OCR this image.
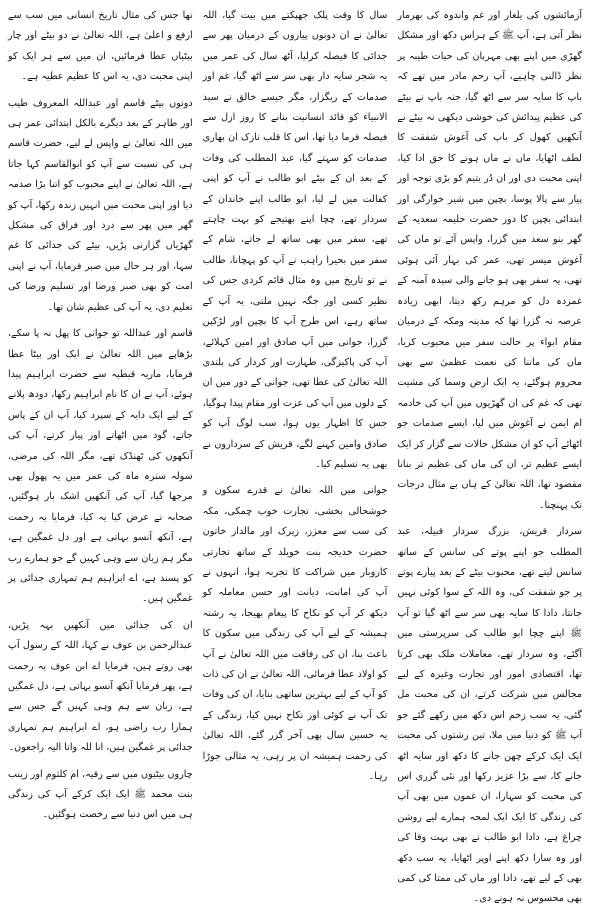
آزمائشوں کی یلغار اور غم واندوہ کی بھرمار نظر آتی ہے، آپ ﷺ کے ہراس دکھ اور مشکل گھڑی میں اپنے بھی مہربان کی حیات طیبہ پر نظر ڈالنی چاہیے، آپ رحم مادر میں تھے کہ باپ کا سایہ سر سے اٹھ گیا، جنہ باپ نے بیٹے کی عظیم پیدائش کی خوشی دیکھی نہ بیٹے نے آنکھیں کھول کر باپ کی آغوش شفقت کا لطف اٹھایا، ماں نے ماں ہونے کا حق ادا کیا، اپنی محبت دی اور ان دُر یتیم کو بڑی توجہ اور پیار سے پالا پوسا، بچپن میں شیر خوارگی اور ابتدائی بچپن کا دور حضرت حلیمہ سعدیہ کے گھر بنو سعد میں گزرا، واپس آئے تو ماں کی آغوش میسر تھی، عمر کی بہار آئی ہوئی تھی، یہ سفر بھی ہو جانے والی سیدہ آمنہ کے غمزدہ دل کو مرہم رکھ دیتا، ابھی زیادہ عرصہ نہ گزرا تھا کہ مدینہ ومکہ کے درمیان مقام ابواء پر حالت سفر میں محبوب کریا، ماں کی ماننا کی نعمت عظمیٰ سے بھی محروم ہوگئے، یہ ایک ارض وسما کی مشیت تھی کہ غم کی ان گھڑیوں میں آپ کی خادمہ ام ایمن نے آغوش میں لیا، ایسے صدمات جو اٹھائے آپ کو ان مشکل حالات سے گزار کر ایک ایسے عظیم تر، ان کی ماں کی عظیم تر بنانا مقصود تھا، اللہ تعالیٰ کے ہاں بے مثال درجات تک پہنچنا۔

سردار قریش، بزرگ سردار قبیلہ، عبد المطلب جو اپنے پوتے کی سانس کے ساتھ سانس لیتے تھے، محبوب بیٹے کے بعد پیارے پوتے پر جو شفقت کی، وہ اللہ کے سوا کوئی نہیں جانتا، دادا کا سایہ بھی سر سے اٹھ گیا تو آپ ﷺ اپنے چچا ابو طالب کی سرپرستی میں آگئے، وہ سردار تھے، معاملات ملک بھی کرتا تھا، اقتصادی امور اور تجارت وغیرہ کے لیے مجالس میں شرکت کرتے، ان کی محبت مل گئی، یہ سب زخم اس دکھ میں رکھے گئے جو آپ ﷺ کو دنیا میں ملا، تین رشتوں کی محبت ایک ایک کرکے چھن جانے کا دکھ اور سایہ اٹھ جانے کا، سے بڑا عزیز رکھا اور نئی گزری اس کی محبت کو سہارا، ان غموں میں بھی آپ کی زندگی کا ایک ایک لمحہ ہمارے لیے روشن چراغ ہے، دادا ابو طالب نے بھی بہت وفا کی اور وہ سارا دکھ اپنے اوپر اٹھایا، یہ سب دکھ بھی کے لیے تھے، دادا اور ماں کی ممتا کی کمی بھی محسوس نہ ہونے دی۔

سال کا وقت پلک جھپکتے میں بیت گیا، اللہ تعالیٰ نے ان دونوں پیاروں کے درمیان پھر سے جدائی کا فیصلہ کرلیا، آٹھ سال کی عمر میں یہ شجر سایہ دار بھی سر سے اٹھ گیا، غم اور صدمات کے ریگزار، مگر جیسے خالق نے سید الانبیاء کو قائد انسانیت بنانے کا روز ازل سے فیصلہ فرما دیا تھا، اس کا قلب نازک ان بھاری صدمات کو سہتے گیا، عبد المطلب کی وفات کے بعد ان کے بیٹے ابو طالب نے آپ کو اپنی کفالت میں لے لیا، ابو طالب اپنے خاندان کے سردار تھے، چچا اپنے بھتیجے کو بہت چاہتے تھے، سفر میں بھی ساتھ لے جاتے، شام کے سفر میں بحیرا راہب نے آپ کو پہچانا، طالب نے تو تاریخ میں وہ مثال قائم کردی جس کی نظیر کسی اور جگہ نہیں ملتی، یہ آپ کے ساتھ رہے، اس طرح آپ کا بچپن اور لڑکپن گزرا، جوانی میں آپ صادق اور امین کہلائے، آپ کی پاکیزگی، طہارت اور کردار کی بلندی اللہ تعالیٰ کی عطا تھی، جوانی کے دور میں ان کے دلوں میں آپ کی عزت اور مقام پیدا ہوگیا، جس کا اظہار یوں ہوا، سب لوگ آپ کو صادق وامین کہنے لگے، قریش کے سرداروں نے بھی یہ تسلیم کیا۔

جوانی میں اللہ تعالیٰ نے قدرے سکون و خوشحالی بخشی، تجارت خوب چمکی، مکہ کی سب سے معزز، زیرک اور مالدار خاتون حضرت خدیجہ بنت خویلد کے ساتھ تجارتی کاروبار میں شراکت کا تجربہ ہوا، انہوں نے آپ کی امانت، دیانت اور حسن معاملہ کو دیکھ کر آپ کو نکاح کا پیغام بھیجا، یہ رشتہ ہمیشہ کے لیے آپ کی زندگی میں سکون کا باعث بنا، ان کی رفاقت میں اللہ تعالیٰ نے آپ کو اولاد عطا فرمائی، اللہ تعالیٰ نے ان کی ذات کو آپ کے لیے بہترین ساتھی بنایا، ان کی وفات تک آپ نے کوئی اور نکاح نہیں کیا، زندگی کے یہ حسین سال بھی آخر گزر گئے، اللہ تعالیٰ کی رحمت ہمیشہ ان پر رہی، یہ مثالی جوڑا رہا۔

تھا جس کی مثال تاریخ انسانی میں سب سے ارفع و اعلیٰ ہے، اللہ تعالیٰ نے دو بیٹے اور چار بیٹیاں عطا فرمائیں، ان میں سے ہر ایک کو اپنی محبت دی، یہ اس کا عظیم عطیہ ہے۔

دونوں بیٹے قاسم اور عبداللہ المعروف طیب اور طاہر کے بعد دیگرے بالکل ابتدائی عمر ہی میں اللہ تعالیٰ نے واپس لے لیے، حضرت قاسم ہی کی نسبت سے آپ کو ابوالقاسم کہا جاتا ہے، اللہ تعالیٰ نے اپنے محبوب کو اتنا بڑا صدمہ دیا اور اپنی محبت میں انہیں زندہ رکھا، آپ کو گھر میں پھر سے درد اور فراق کی مشکل گھڑیاں گزارنی پڑیں، بیٹے کی جدائی کا غم سہا، اور ہر حال میں صبر فرمایا، آپ نے اپنی امت کو بھی صبر ورضا اور تسلیم ورضا کی تعلیم دی، یہ آپ کی عظیم شان تھا۔

قاسم اور عبداللہ تو جوانی کا پھل نہ پا سکے، بڑھاپے میں اللہ تعالیٰ نے ایک اور بیٹا عطا فرمایا، ماریہ قبطیہ سے حضرت ابراہیم پیدا ہوئے، آپ نے ان کا نام ابراہیم رکھا، دودھ پلانے کے لیے ایک دایہ کے سپرد کیا، آپ ان کے پاس جاتے، گود میں اٹھاتے اور پیار کرتے، آپ کی آنکھوں کی ٹھنڈک تھے، مگر اللہ کی مرضی، سولہ سترہ ماہ کی عمر میں یہ پھول بھی مرجھا گیا، آپ کی آنکھیں اشک بار ہوگئیں، صحابہ نے عرض کیا یہ کیا، فرمایا یہ رحمت ہے، آنکھ آنسو بہاتی ہے اور دل غمگین ہے، مگر ہم زبان سے وہی کہیں گے جو ہمارے رب کو پسند ہے، اے ابراہیم ہم تمہاری جدائی پر غمگین ہیں۔

ان کی جدائی میں آنکھیں بہہ پڑیں، عبدالرحمن بن عوف نے کہا، اللہ کے رسول آپ بھی روتے ہیں، فرمایا اے ابن عوف یہ رحمت ہے، پھر فرمایا آنکھ آنسو بہاتی ہے، دل غمگین ہے، زبان سے ہم وہی کہیں گے جس سے ہمارا رب راضی ہو، اے ابراہیم ہم تمہاری جدائی پر غمگین ہیں، انا للہ وانا الیہ راجعون۔

چاروں بیٹیوں میں سے رقیہ، ام کلثوم اور زینب بنت محمد ﷺ ایک ایک کرکے آپ کی زندگی ہی میں اس دنیا سے رخصت ہوگئیں۔
